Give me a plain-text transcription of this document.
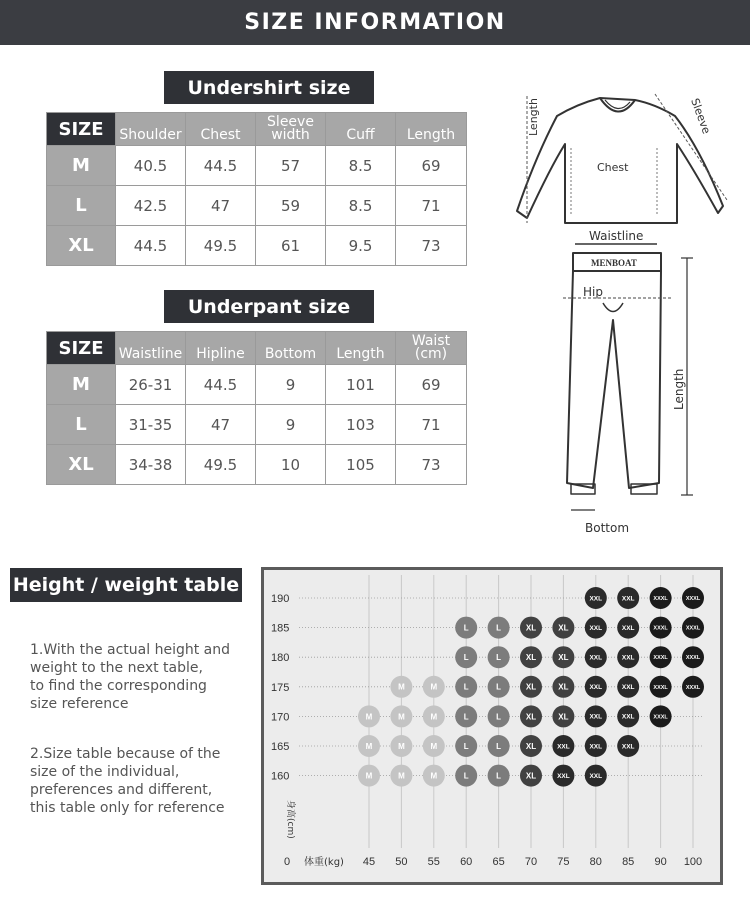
SIZE INFORMATION
Undershirt size
SIZE	Shoulder	Chest	Sleeve width	Cuff	Length
M	40.5	44.5	57	8.5	69
L	42.5	47	59	8.5	71
XL	44.5	49.5	61	9.5	73
Underpant size
SIZE	Waistline	Hipline	Bottom	Length	Waist (cm)
M	26-31	44.5	9	101	69
L	31-35	47	9	103	71
XL	34-38	49.5	10	105	73
Length	Sleeve
Chest
Waistline
MENBOAT
Hip
Length
Bottom
Height / weight table
1.With the actual height and
weight to the next table,
to find the corresponding
size reference
2.Size table because of the
size of the individual,
preferences and different,
this table only for reference
45 50 55 60 65 70 75 80 85 90 100
190
185
180
175
170
165
160
0 体重(kg)
身高(cm)
XXL	XXL	XXXL	XXXL
L	L	XL	XL	XXL	XXL	XXXL	XXXL
L	L	XL	XL	XXL	XXL	XXXL	XXXL
M	M	L	L	XL	XL	XXL	XXL	XXXL	XXXL
M	M	M	L	L	XL	XL	XXL	XXL	XXXL
M	M	M	L	L	XL	XXL	XXL	XXL
M	M	M	L	L	XL	XXL	XXL
